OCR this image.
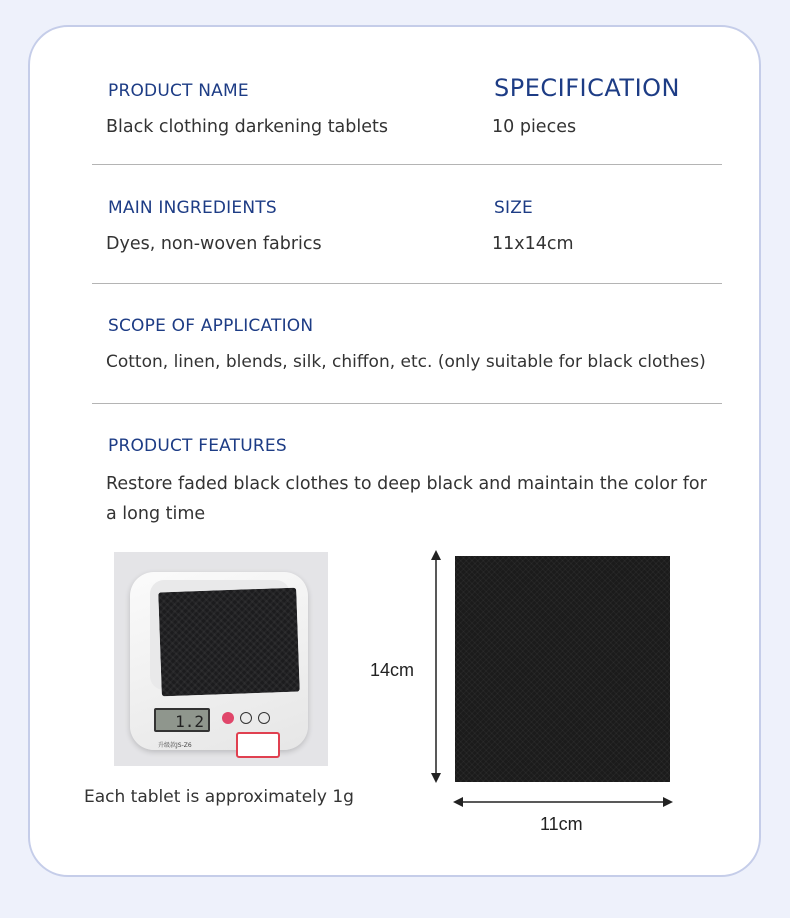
PRODUCT NAME
Black clothing darkening tablets
SPECIFICATION
10 pieces
MAIN INGREDIENTS
Dyes, non-woven fabrics
SIZE
11x14cm
SCOPE OF APPLICATION
Cotton, linen, blends, silk, chiffon, etc. (only suitable for black clothes)
PRODUCT FEATURES
Restore faded black clothes to deep black and maintain the color for a long time
1.2
升级款JS-Z6
Each tablet is approximately 1g
14cm
11cm
